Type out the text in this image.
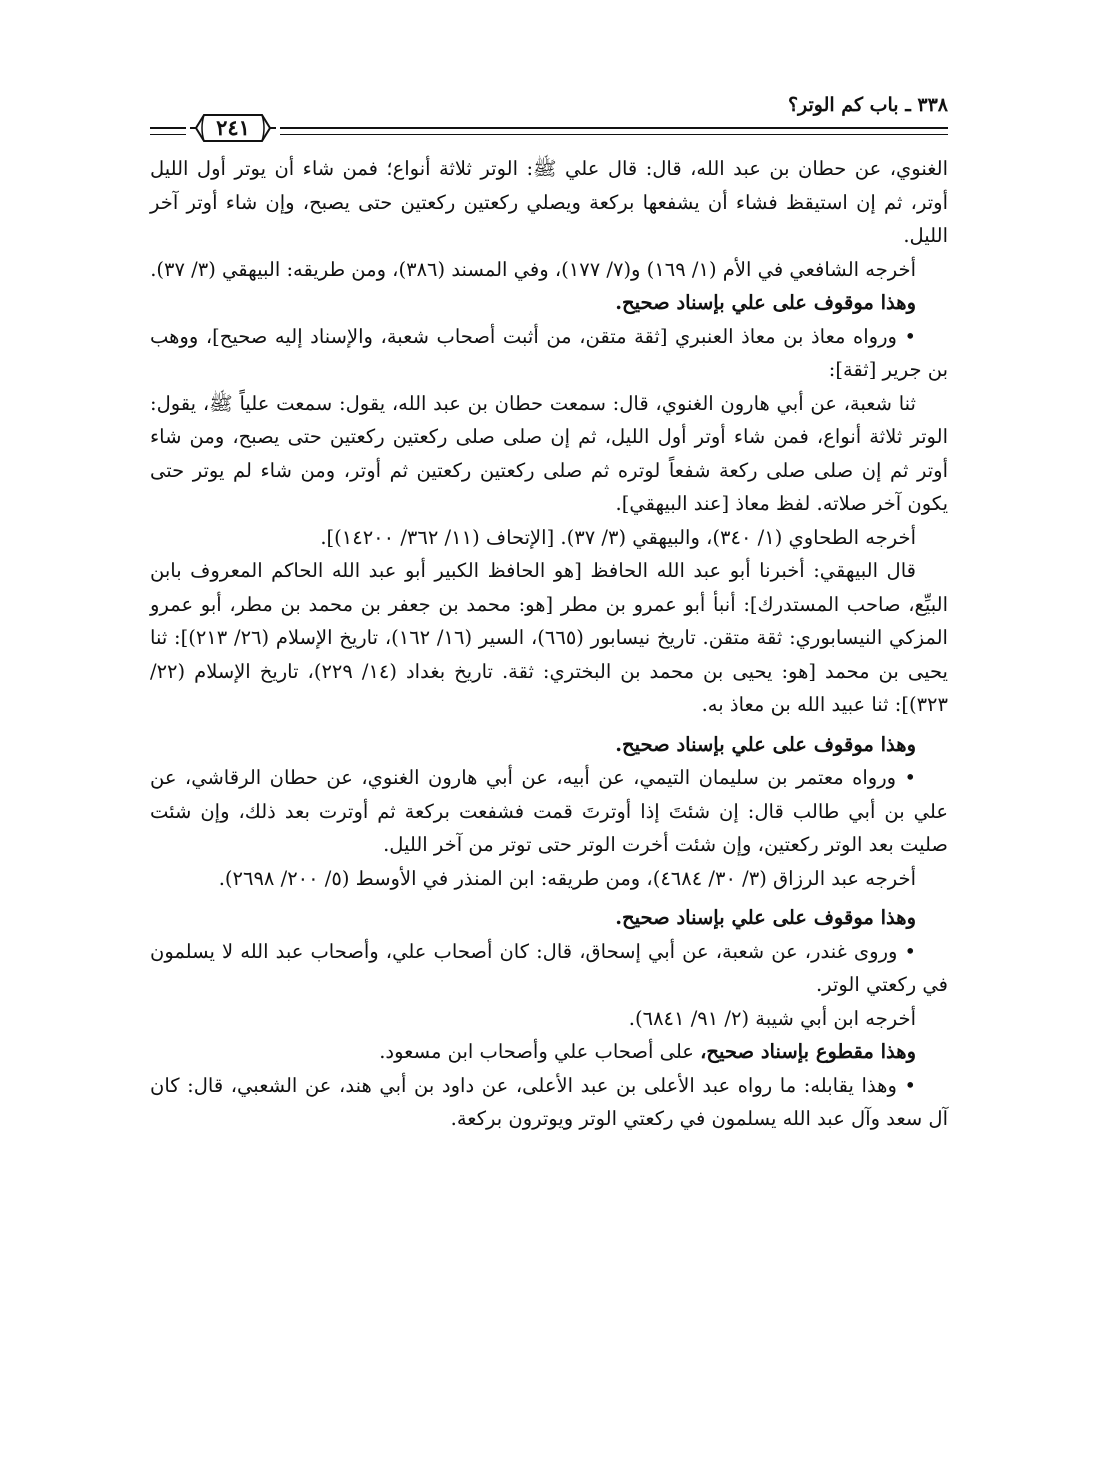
٣٣٨ ـ باب كم الوتر؟
٢٤١

الغنوي، عن حطان بن عبد الله، قال: قال علي ﷺ: الوتر ثلاثة أنواع؛ فمن شاء أن يوتر أول الليل أوتر، ثم إن استيقظ فشاء أن يشفعها بركعة ويصلي ركعتين ركعتين حتى يصبح، وإن شاء أوتر آخر الليل.

أخرجه الشافعي في الأم (١/ ١٦٩) و(٧/ ١٧٧)، وفي المسند (٣٨٦)، ومن طريقه: البيهقي (٣/ ٣٧).

وهذا موقوف على علي بإسناد صحيح.

• ورواه معاذ بن معاذ العنبري [ثقة متقن، من أثبت أصحاب شعبة، والإسناد إليه صحيح]، ووهب بن جرير [ثقة]:

ثنا شعبة، عن أبي هارون الغنوي، قال: سمعت حطان بن عبد الله، يقول: سمعت علياً ﷺ، يقول: الوتر ثلاثة أنواع، فمن شاء أوتر أول الليل، ثم إن صلى صلى ركعتين ركعتين حتى يصبح، ومن شاء أوتر ثم إن صلى صلى ركعة شفعاً لوتره ثم صلى ركعتين ركعتين ثم أوتر، ومن شاء لم يوتر حتى يكون آخر صلاته. لفظ معاذ [عند البيهقي].

أخرجه الطحاوي (١/ ٣٤٠)، والبيهقي (٣/ ٣٧). [الإتحاف (١١/ ٣٦٢/ ١٤٢٠٠)].

قال البيهقي: أخبرنا أبو عبد الله الحافظ [هو الحافظ الكبير أبو عبد الله الحاكم المعروف بابن البيِّع، صاحب المستدرك]: أنبأ أبو عمرو بن مطر [هو: محمد بن جعفر بن محمد بن مطر، أبو عمرو المزكي النيسابوري: ثقة متقن. تاريخ نيسابور (٦٦٥)، السير (١٦/ ١٦٢)، تاريخ الإسلام (٢٦/ ٢١٣)]: ثنا يحيى بن محمد [هو: يحيى بن محمد بن البختري: ثقة. تاريخ بغداد (١٤/ ٢٢٩)، تاريخ الإسلام (٢٢/ ٣٢٣)]: ثنا عبيد الله بن معاذ به.

وهذا موقوف على علي بإسناد صحيح.

• ورواه معتمر بن سليمان التيمي، عن أبيه، عن أبي هارون الغنوي، عن حطان الرقاشي، عن علي بن أبي طالب قال: إن شئتَ إذا أوترتَ قمت فشفعت بركعة ثم أوترت بعد ذلك، وإن شئت صليت بعد الوتر ركعتين، وإن شئت أخرت الوتر حتى توتر من آخر الليل.

أخرجه عبد الرزاق (٣/ ٣٠/ ٤٦٨٤)، ومن طريقه: ابن المنذر في الأوسط (٥/ ٢٠٠/ ٢٦٩٨).

وهذا موقوف على علي بإسناد صحيح.

• وروى غندر، عن شعبة، عن أبي إسحاق، قال: كان أصحاب علي، وأصحاب عبد الله لا يسلمون في ركعتي الوتر.

أخرجه ابن أبي شيبة (٢/ ٩١/ ٦٨٤١).

وهذا مقطوع بإسناد صحيح، على أصحاب علي وأصحاب ابن مسعود.

• وهذا يقابله: ما رواه عبد الأعلى بن عبد الأعلى، عن داود بن أبي هند، عن الشعبي، قال: كان آل سعد وآل عبد الله يسلمون في ركعتي الوتر ويوترون بركعة.
